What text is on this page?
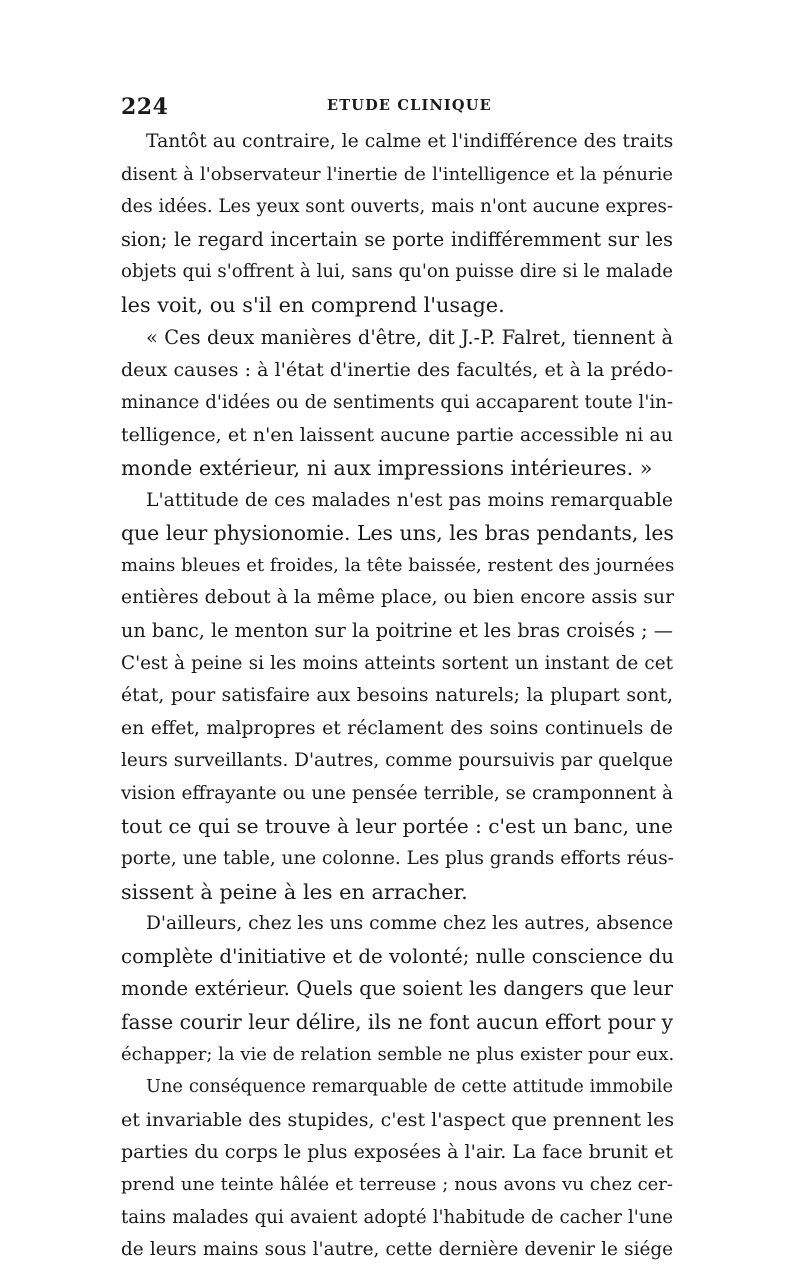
224	ETUDE CLINIQUE
Tantôt au contraire, le calme et l'indifférence des traits
disent à l'observateur l'inertie de l'intelligence et la pénurie
des idées. Les yeux sont ouverts, mais n'ont aucune expres-
sion; le regard incertain se porte indifféremment sur les
objets qui s'offrent à lui, sans qu'on puisse dire si le malade
les voit, ou s'il en comprend l'usage.
« Ces deux manières d'être, dit J.-P. Falret, tiennent à
deux causes : à l'état d'inertie des facultés, et à la prédo-
minance d'idées ou de sentiments qui accaparent toute l'in-
telligence, et n'en laissent aucune partie accessible ni au
monde extérieur, ni aux impressions intérieures. »
L'attitude de ces malades n'est pas moins remarquable
que leur physionomie. Les uns, les bras pendants, les
mains bleues et froides, la tête baissée, restent des journées
entières debout à la même place, ou bien encore assis sur
un banc, le menton sur la poitrine et les bras croisés ; —
C'est à peine si les moins atteints sortent un instant de cet
état, pour satisfaire aux besoins naturels; la plupart sont,
en effet, malpropres et réclament des soins continuels de
leurs surveillants. D'autres, comme poursuivis par quelque
vision effrayante ou une pensée terrible, se cramponnent à
tout ce qui se trouve à leur portée : c'est un banc, une
porte, une table, une colonne. Les plus grands efforts réus-
sissent à peine à les en arracher.
D'ailleurs, chez les uns comme chez les autres, absence
complète d'initiative et de volonté; nulle conscience du
monde extérieur. Quels que soient les dangers que leur
fasse courir leur délire, ils ne font aucun effort pour y
échapper; la vie de relation semble ne plus exister pour eux.
Une conséquence remarquable de cette attitude immobile
et invariable des stupides, c'est l'aspect que prennent les
parties du corps le plus exposées à l'air. La face brunit et
prend une teinte hâlée et terreuse ; nous avons vu chez cer-
tains malades qui avaient adopté l'habitude de cacher l'une
de leurs mains sous l'autre, cette dernière devenir le siége
